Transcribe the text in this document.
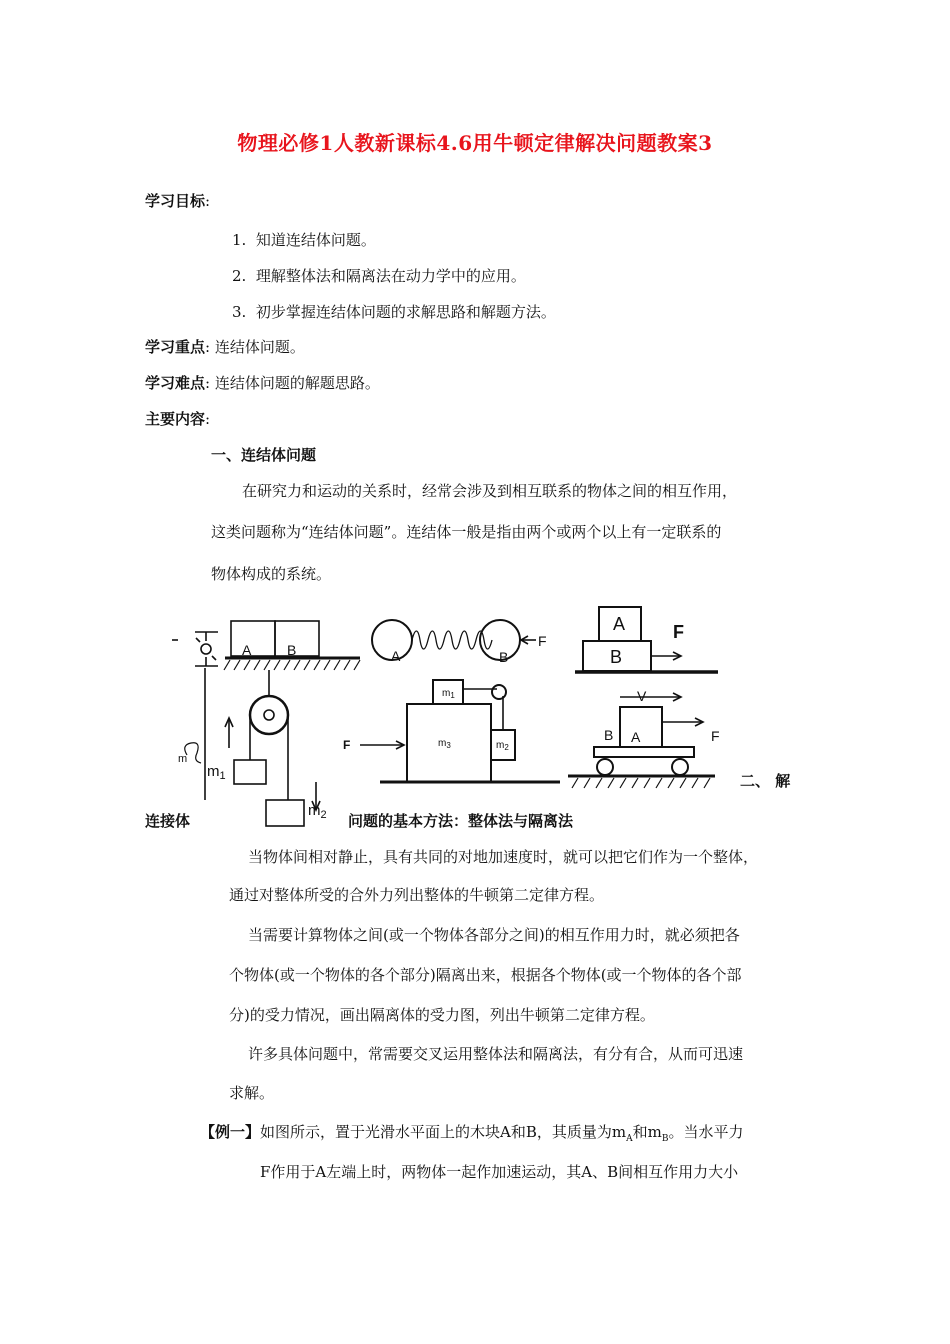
物理必修1人教新课标4.6用牛顿定律解决问题教案3
学习目标:
1. 知道连结体问题。
2. 理解整体法和隔离法在动力学中的应用。
3. 初步掌握连结体问题的求解思路和解题方法。
学习重点: 连结体问题。
学习难点: 连结体问题的解题思路。
主要内容:
一、连结体问题
在研究力和运动的关系时，经常会涉及到相互联系的物体之间的相互作用，
这类问题称为“连结体问题”。连结体一般是指由两个或两个以上有一定联系的
物体构成的系统。
A	B
m
$m_1$
$m_2$
A	B
F
A
B
F
$m_1$
$m_2$
$m_3$
F
V
A
B	F
二、 解
连接体	问题的基本方法：整体法与隔离法
当物体间相对静止，具有共同的对地加速度时，就可以把它们作为一个整体，
通过对整体所受的合外力列出整体的牛顿第二定律方程。
当需要计算物体之间(或一个物体各部分之间)的相互作用力时，就必须把各
个物体(或一个物体的各个部分)隔离出来，根据各个物体(或一个物体的各个部
分)的受力情况，画出隔离体的受力图，列出牛顿第二定律方程。
许多具体问题中，常需要交叉运用整体法和隔离法，有分有合，从而可迅速
求解。
【例一】如图所示，置于光滑水平面上的木块A和B，其质量为$m_A$和$m_B$。当水平力
F作用于A左端上时，两物体一起作加速运动，其A、B间相互作用力大小
